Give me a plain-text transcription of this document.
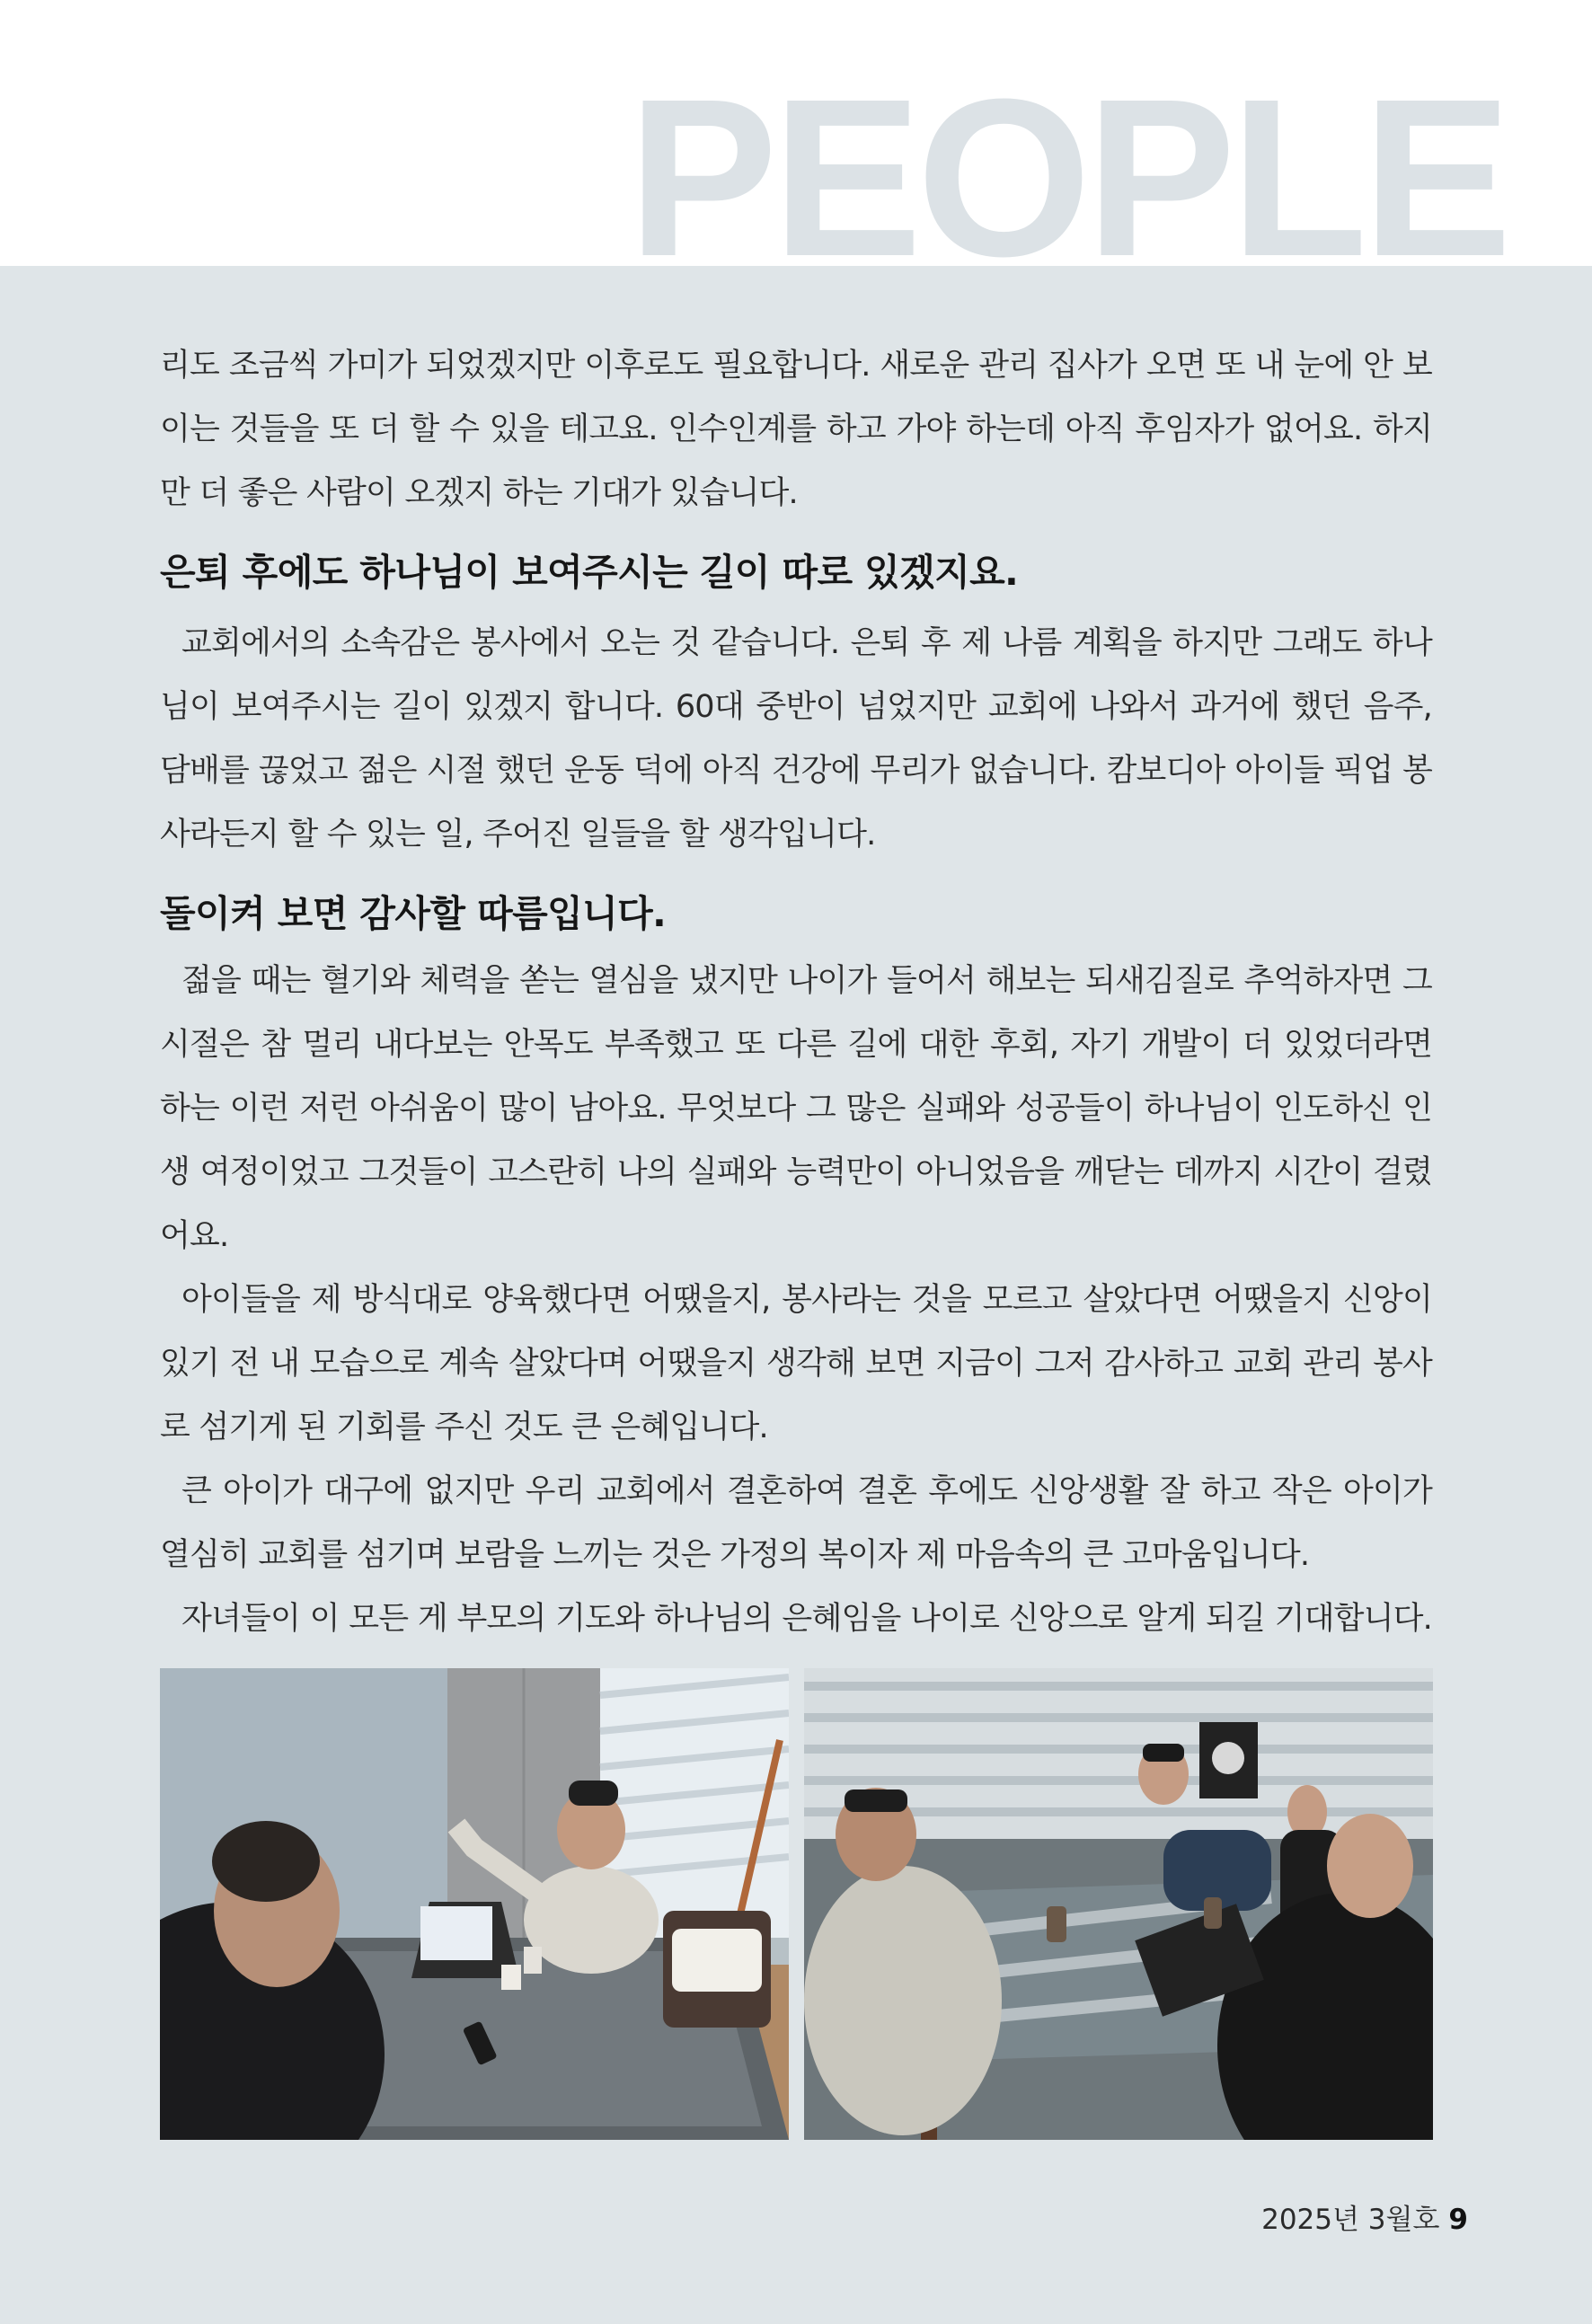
PEOPLE

리도 조금씩 가미가 되었겠지만 이후로도 필요합니다. 새로운 관리 집사가 오면 또 내 눈에 안 보이는 것들을 또 더 할 수 있을 테고요. 인수인계를 하고 가야 하는데 아직 후임자가 없어요. 하지만 더 좋은 사람이 오겠지 하는 기대가 있습니다.

은퇴 후에도 하나님이 보여주시는 길이 따로 있겠지요.

교회에서의 소속감은 봉사에서 오는 것 같습니다. 은퇴 후 제 나름 계획을 하지만 그래도 하나님이 보여주시는 길이 있겠지 합니다. 60대 중반이 넘었지만 교회에 나와서 과거에 했던 음주, 담배를 끊었고 젊은 시절 했던 운동 덕에 아직 건강에 무리가 없습니다. 캄보디아 아이들 픽업 봉사라든지 할 수 있는 일, 주어진 일들을 할 생각입니다.

돌이켜 보면 감사할 따름입니다.

젊을 때는 혈기와 체력을 쏟는 열심을 냈지만 나이가 들어서 해보는 되새김질로 추억하자면 그 시절은 참 멀리 내다보는 안목도 부족했고 또 다른 길에 대한 후회, 자기 개발이 더 있었더라면 하는 이런 저런 아쉬움이 많이 남아요. 무엇보다 그 많은 실패와 성공들이 하나님이 인도하신 인생 여정이었고 그것들이 고스란히 나의 실패와 능력만이 아니었음을 깨닫는 데까지 시간이 걸렸어요.

아이들을 제 방식대로 양육했다면 어땠을지, 봉사라는 것을 모르고 살았다면 어땠을지 신앙이 있기 전 내 모습으로 계속 살았다며 어땠을지 생각해 보면 지금이 그저 감사하고 교회 관리 봉사로 섬기게 된 기회를 주신 것도 큰 은혜입니다.

큰 아이가 대구에 없지만 우리 교회에서 결혼하여 결혼 후에도 신앙생활 잘 하고 작은 아이가 열심히 교회를 섬기며 보람을 느끼는 것은 가정의 복이자 제 마음속의 큰 고마움입니다.

자녀들이 이 모든 게 부모의 기도와 하나님의 은혜임을 나이로 신앙으로 알게 되길 기대합니다.

2025년 3월호 9
